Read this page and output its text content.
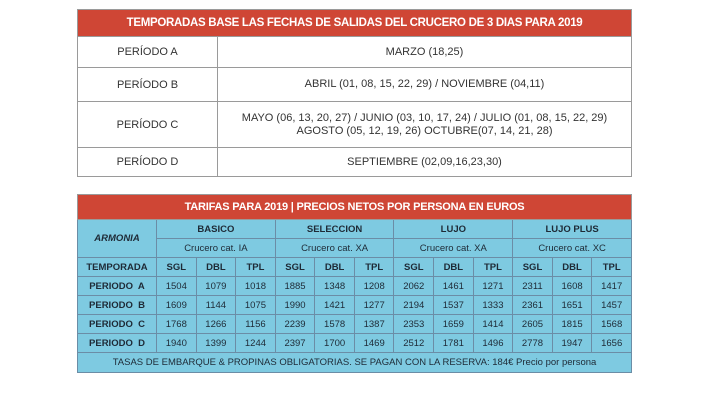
TEMPORADAS BASE LAS FECHAS DE SALIDAS DEL CRUCERO DE 3 DIAS PARA 2019	
PERÍODO A	MARZO (18,25)
PERÍODO B	ABRIL (01, 08, 15, 22, 29) / NOVIEMBRE (04,11)
PERÍODO C	MAYO (06, 13, 20, 27) / JUNIO (03, 10, 17, 24) / JULIO (01, 08, 15, 22, 29)
AGOSTO (05, 12, 19, 26) OCTUBRE(07, 14, 21, 28)

PERÍODO D	SEPTIEMBRE (02,09,16,23,30)
TARIFAS PARA 2019 | PRECIOS NETOS POR PERSONA EN EUROS												
ARMONIA	BASICO			SELECCION			LUJO			LUJO PLUS		
	Crucero cat. IA			Crucero cat. XA			Crucero cat. XA			Crucero cat. XC		
TEMPORADA	SGL	DBL	TPL	SGL	DBL	TPL	SGL	DBL	TPL	SGL	DBL	TPL
PERIODO  A	1504	1079	1018	1885	1348	1208	2062	1461	1271	2311	1608	1417
PERIODO  B	1609	1144	1075	1990	1421	1277	2194	1537	1333	2361	1651	1457
PERIODO  C	1768	1266	1156	2239	1578	1387	2353	1659	1414	2605	1815	1568
PERIODO  D	1940	1399	1244	2397	1700	1469	2512	1781	1496	2778	1947	1656
TASAS DE EMBARQUE & PROPINAS OBLIGATORIAS. SE PAGAN CON LA RESERVA: 184€ Precio por persona												
